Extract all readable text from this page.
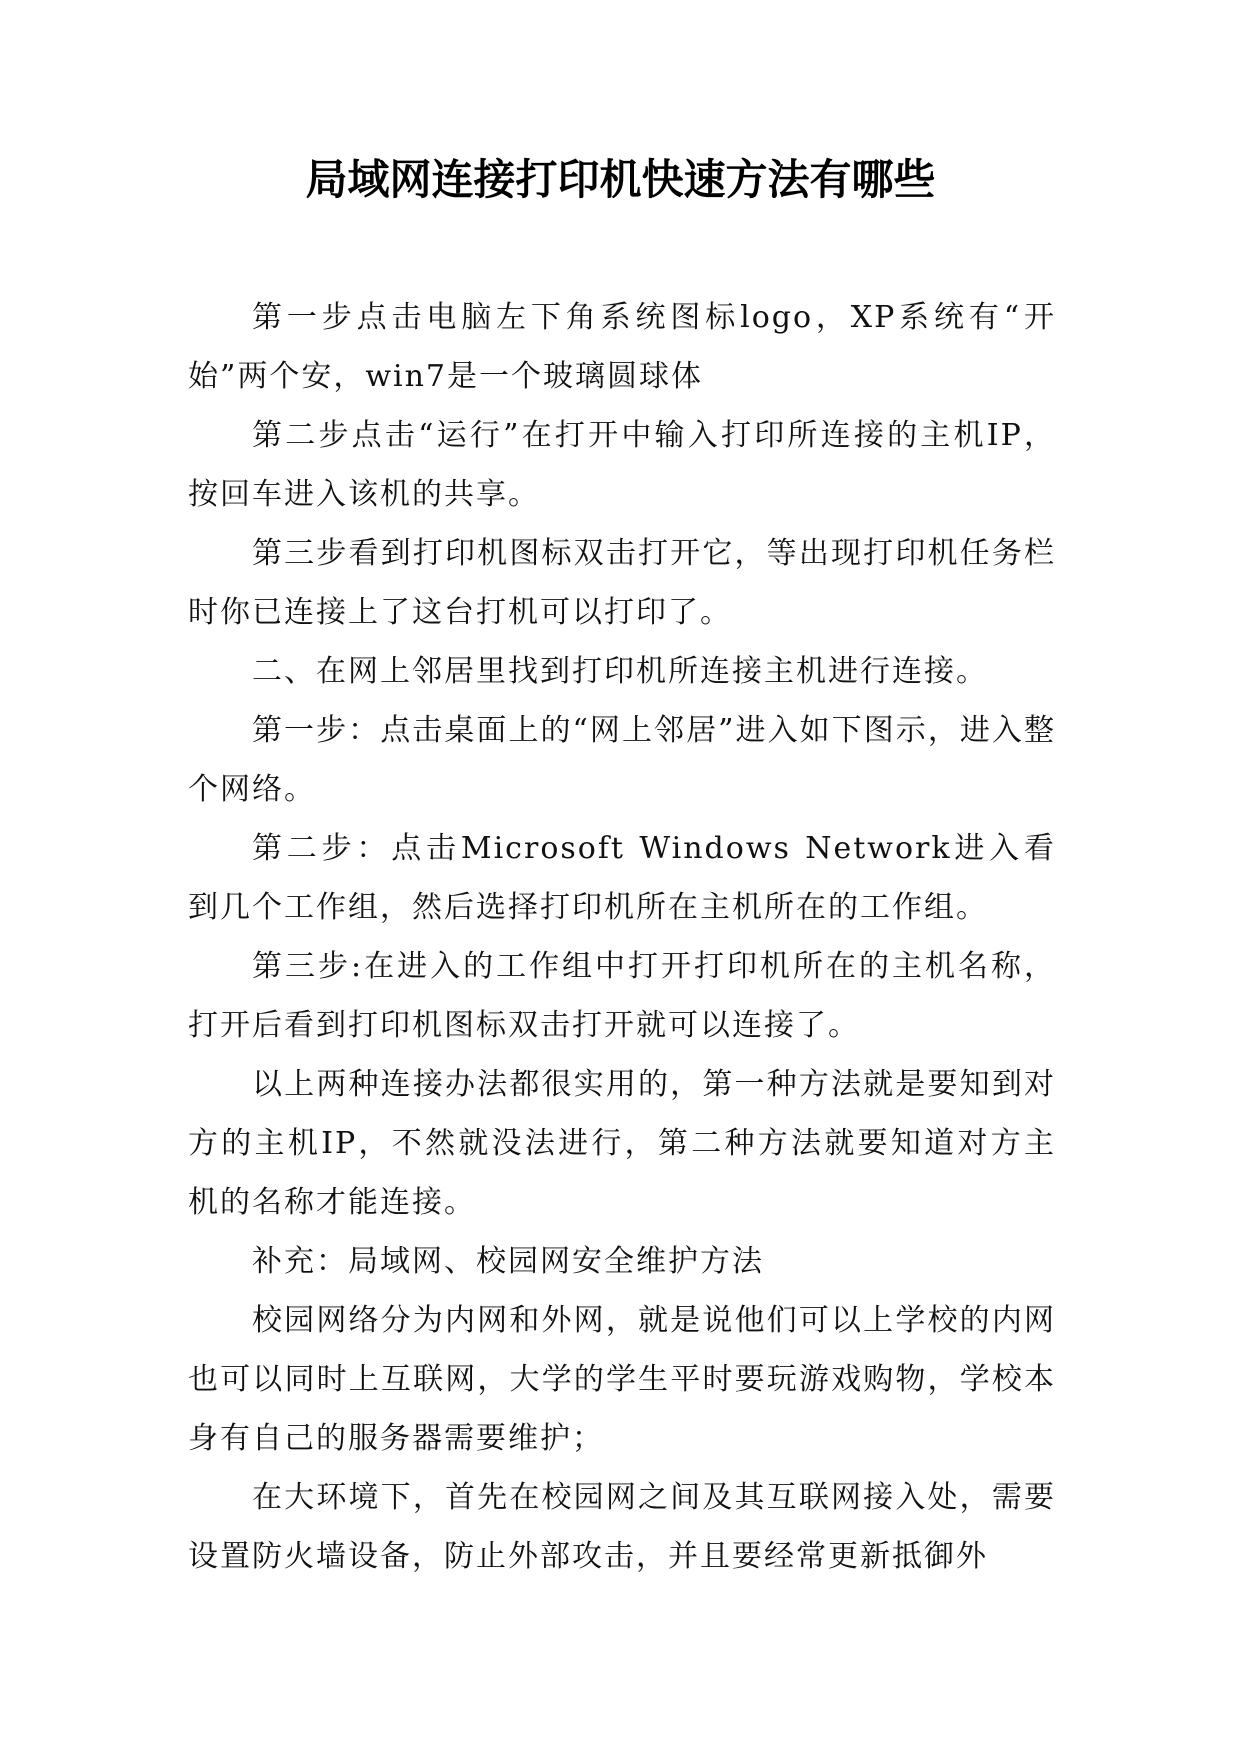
局域网连接打印机快速方法有哪些

第一步点击电脑左下角系统图标logo，XP系统有“开始”两个安，win7是一个玻璃圆球体

第二步点击“运行”在打开中输入打印所连接的主机IP，按回车进入该机的共享。

第三步看到打印机图标双击打开它，等出现打印机任务栏时你已连接上了这台打机可以打印了。

二、在网上邻居里找到打印机所连接主机进行连接。

第一步：点击桌面上的“网上邻居”进入如下图示，进入整个网络。

第二步：点击Microsoft Windows Network进入看到几个工作组，然后选择打印机所在主机所在的工作组。

第三步:在进入的工作组中打开打印机所在的主机名称，打开后看到打印机图标双击打开就可以连接了。

以上两种连接办法都很实用的，第一种方法就是要知到对方的主机IP，不然就没法进行，第二种方法就要知道对方主机的名称才能连接。

补充：局域网、校园网安全维护方法

校园网络分为内网和外网，就是说他们可以上学校的内网也可以同时上互联网，大学的学生平时要玩游戏购物，学校本身有自己的服务器需要维护；

在大环境下，首先在校园网之间及其互联网接入处，需要设置防火墙设备，防止外部攻击，并且要经常更新抵御外
